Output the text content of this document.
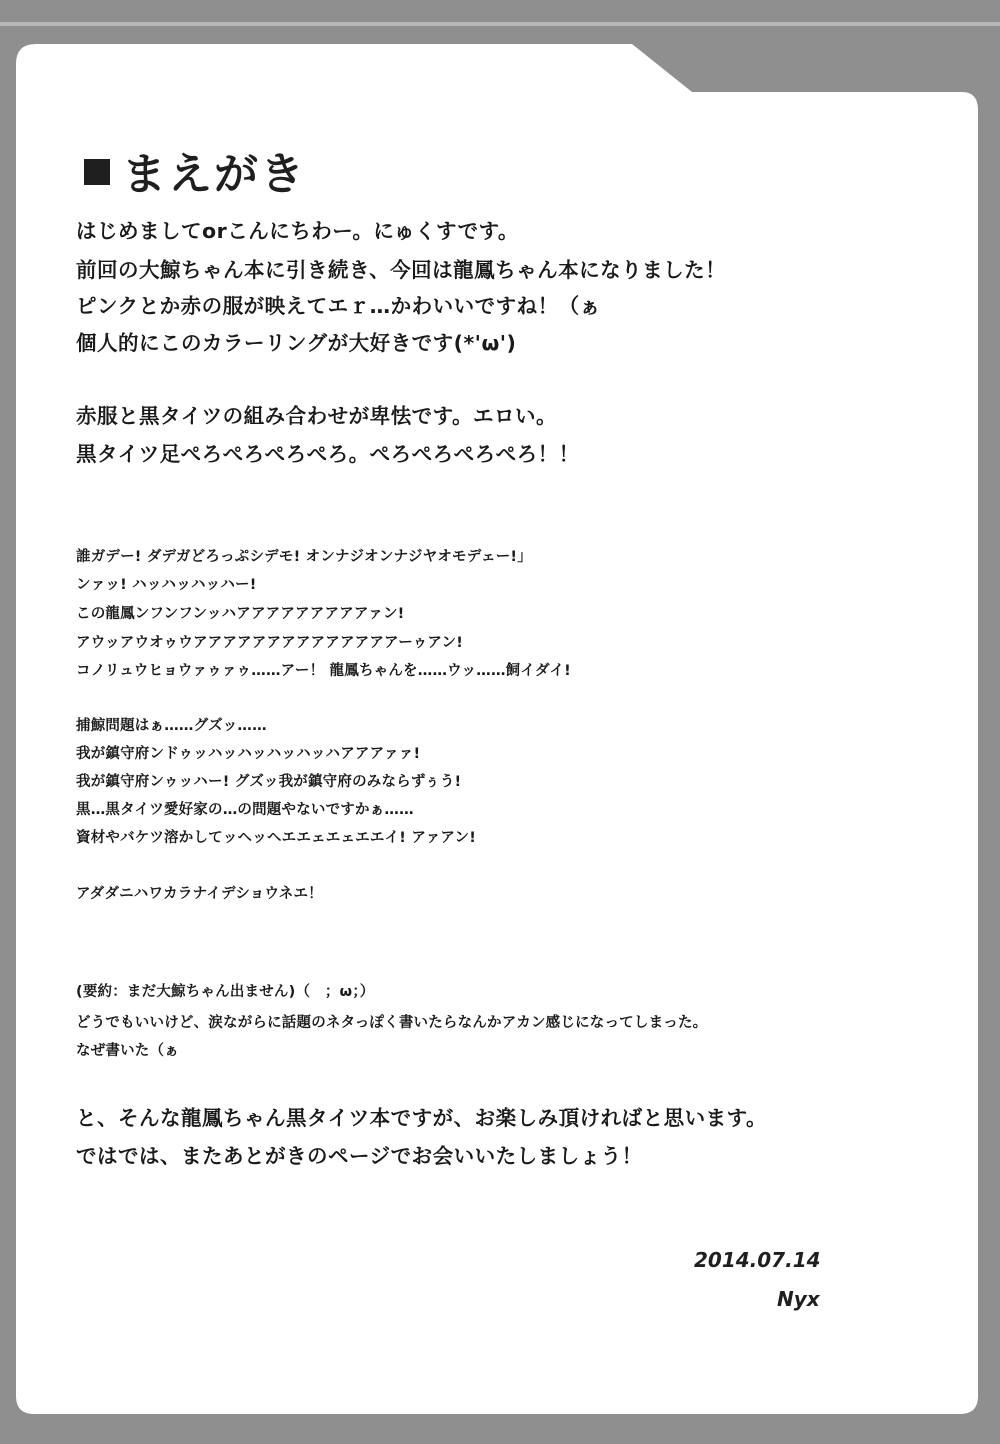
まえがき
はじめましてorこんにちわー。にゅくすです。
前回の大鯨ちゃん本に引き続き、今回は龍鳳ちゃん本になりました！
ピンクとか赤の服が映えてエｒ…かわいいですね！（ぁ
個人的にこのカラーリングが大好きです(*'ω')
赤服と黒タイツの組み合わせが卑怯です。エロい。
黒タイツ足ぺろぺろぺろぺろ。ぺろぺろぺろぺろ！！
誰ガデー! ダデガどろっぷシデモ! オンナジオンナジヤオモデェー!」
ンァッ! ハッハッハッハー!
この龍鳳ンフンフンッハアアアアアアアアアァン!
アウッアウオゥウアアアアアアアアアアアアアアーゥアン!
コノリュウヒョウァゥァゥ……アー！ 龍鳳ちゃんを……ウッ……飼イダイ!
捕鯨問題はぁ……グズッ……
我が鎮守府ンドゥッハッハッハッハッハアアアァァ!
我が鎮守府ンゥッハー! グズッ我が鎮守府のみならずぅう!
黒…黒タイツ愛好家の…の問題やないですかぁ……
資材やバケツ溶かしてッヘッヘエエェエェエエイ! アァアン!
アダダニハワカラナイデショウネエ！
(要約：まだ大鯨ちゃん出ません)（　；ω；）
どうでもいいけど、涙ながらに話題のネタっぽく書いたらなんかアカン感じになってしまった。
なぜ書いた（ぁ
と、そんな龍鳳ちゃん黒タイツ本ですが、お楽しみ頂ければと思います。
ではでは、またあとがきのページでお会いいたしましょう！
2014.07.14
Nyx
